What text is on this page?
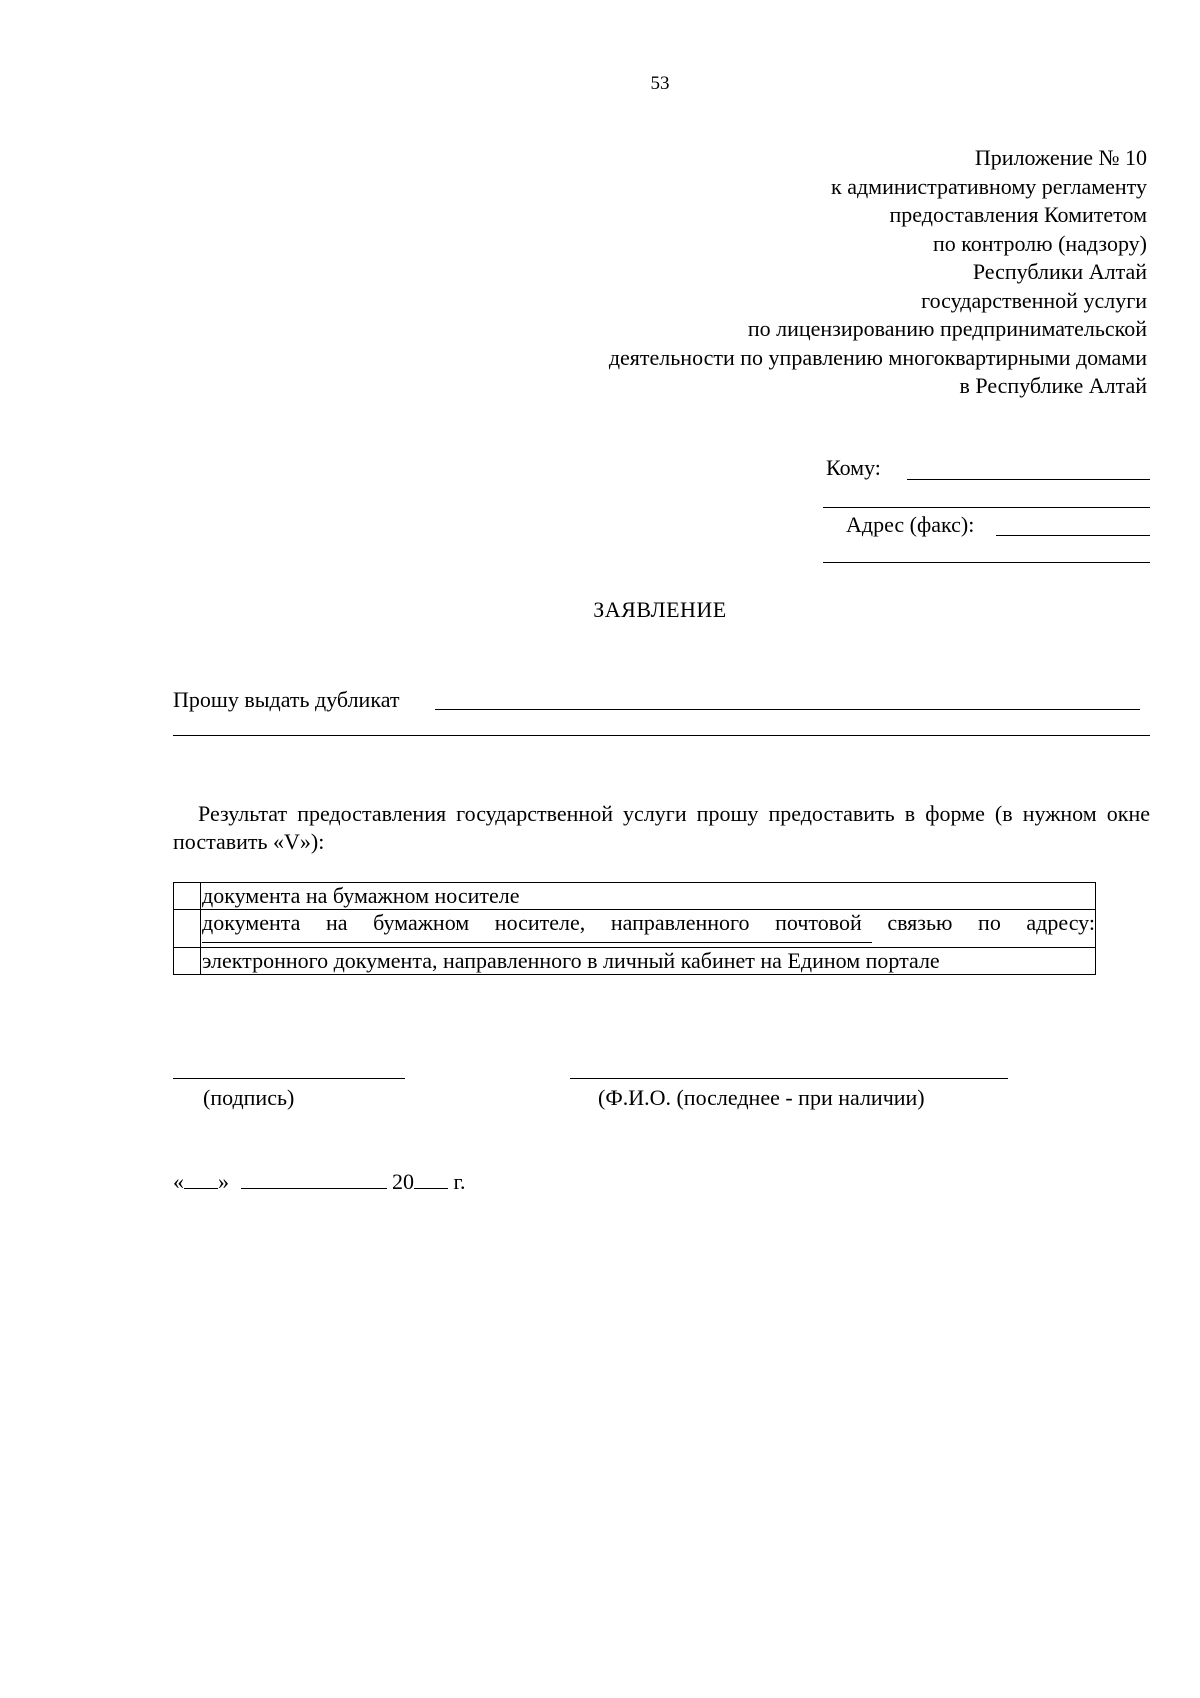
53
Приложение № 10
к административному регламенту
предоставления Комитетом
по контролю (надзору)
Республики Алтай
государственной услуги
по лицензированию предпринимательской
деятельности по управлению многоквартирными домами
в Республике Алтай
Кому:
Адрес (факс):
ЗАЯВЛЕНИЕ
Прошу выдать дубликат
Результат предоставления государственной услуги прошу предоставить в форме (в нужном окне поставить «V»):
	документа на бумажном носителе

	документа на бумажном носителе, направленного почтовой связью по адресу:

	электронного документа, направленного в личный кабинет на Едином портале
(подпись)	(Ф.И.О. (последнее - при наличии)
« »	20 г.
